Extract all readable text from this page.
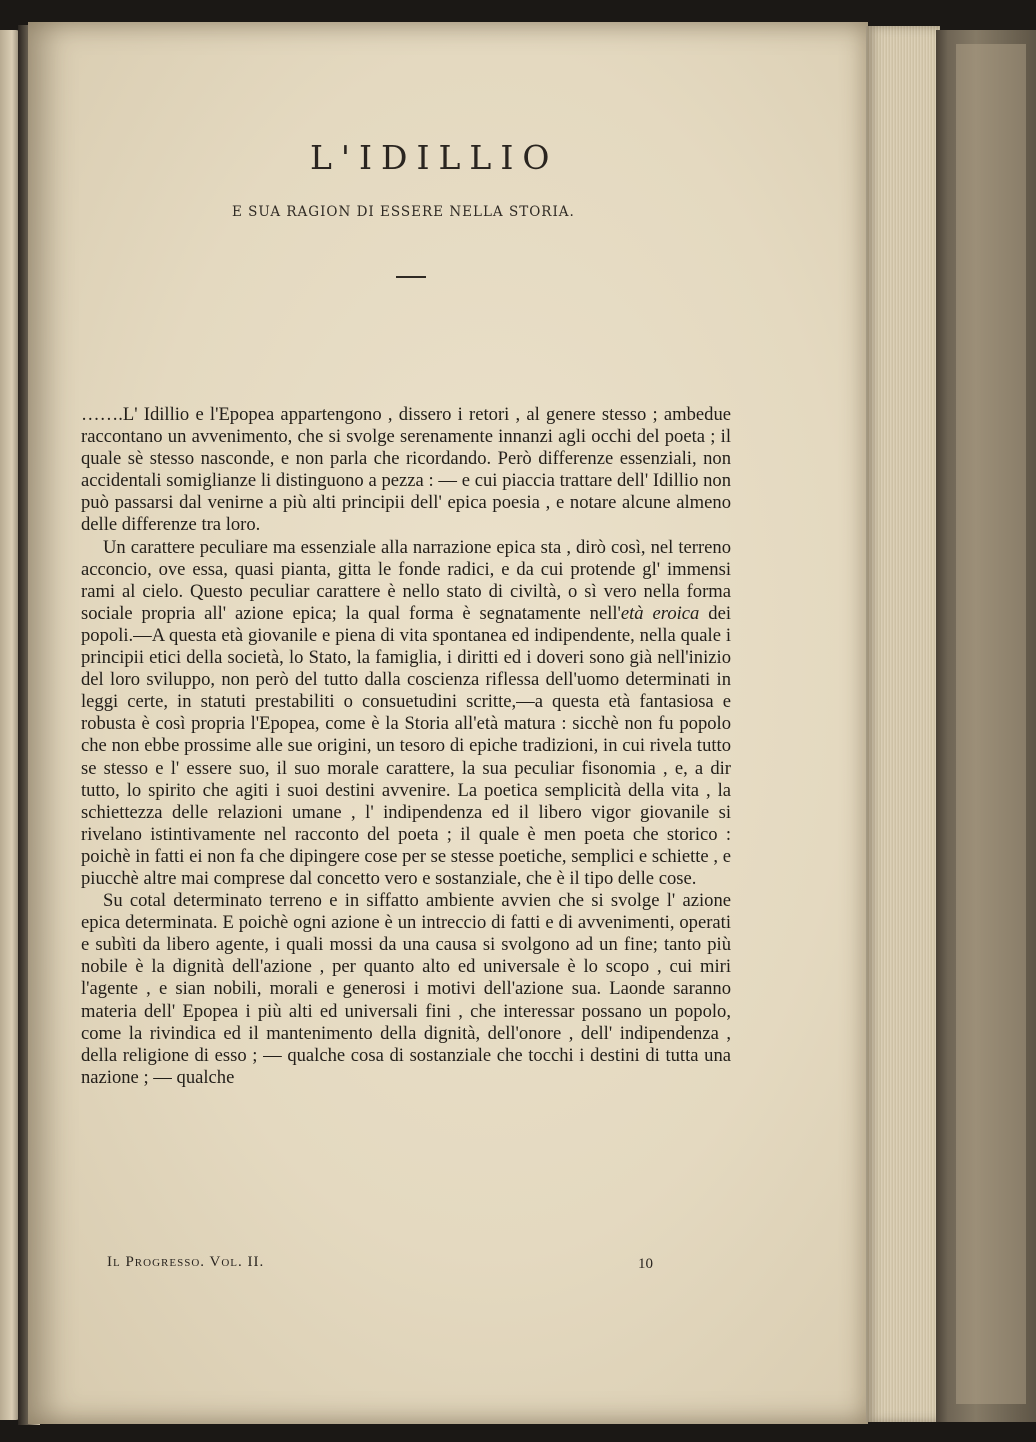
L'IDILLIO
E SUA RAGION DI ESSERE NELLA STORIA.

…….L' Idillio e l'Epopea appartengono , dissero i retori , al genere stesso ; ambedue raccontano un avvenimento, che si svolge serenamente innanzi agli occhi del poeta ; il quale sè stesso nasconde, e non parla che ricordando. Però differenze essenziali, non accidentali somiglianze li distinguono a pezza : — e cui piaccia trattare dell' Idillio non può passarsi dal venirne a più alti principii dell' epica poesia , e notare alcune almeno delle differenze tra loro.

Un carattere peculiare ma essenziale alla narrazione epica sta , dirò così, nel terreno acconcio, ove essa, quasi pianta, gitta le fonde radici, e da cui protende gl' immensi rami al cielo. Questo peculiar carattere è nello stato di civiltà, o sì vero nella forma sociale propria all' azione epica; la qual forma è segnatamente nell'età eroica dei popoli.—A questa età giovanile e piena di vita spontanea ed indipendente, nella quale i principii etici della società, lo Stato, la famiglia, i diritti ed i doveri sono già nell'inizio del loro sviluppo, non però del tutto dalla coscienza riflessa dell'uomo determinati in leggi certe, in statuti prestabiliti o consuetudini scritte,—a questa età fantasiosa e robusta è così propria l'Epopea, come è la Storia all'età matura : sicchè non fu popolo che non ebbe prossime alle sue origini, un tesoro di epiche tradizioni, in cui rivela tutto se stesso e l' essere suo, il suo morale carattere, la sua peculiar fisonomia , e, a dir tutto, lo spirito che agiti i suoi destini avvenire. La poetica semplicità della vita , la schiettezza delle relazioni umane , l' indipendenza ed il libero vigor giovanile si rivelano istintivamente nel racconto del poeta ; il quale è men poeta che storico : poichè in fatti ei non fa che dipingere cose per se stesse poetiche, semplici e schiette , e piucchè altre mai comprese dal concetto vero e sostanziale, che è il tipo delle cose.

Su cotal determinato terreno e in siffatto ambiente avvien che si svolge l' azione epica determinata. E poichè ogni azione è un intreccio di fatti e di avvenimenti, operati e subìti da libero agente, i quali mossi da una causa si svolgono ad un fine; tanto più nobile è la dignità dell'azione , per quanto alto ed universale è lo scopo , cui miri l'agente , e sian nobili, morali e generosi i motivi dell'azione sua. Laonde saranno materia dell' Epopea i più alti ed universali fini , che interessar possano un popolo, come la rivindica ed il mantenimento della dignità, dell'onore , dell' indipendenza , della religione di esso ; — qualche cosa di sostanziale che tocchi i destini di tutta una nazione ; — qualche

Il Progresso. Vol. II.	10
